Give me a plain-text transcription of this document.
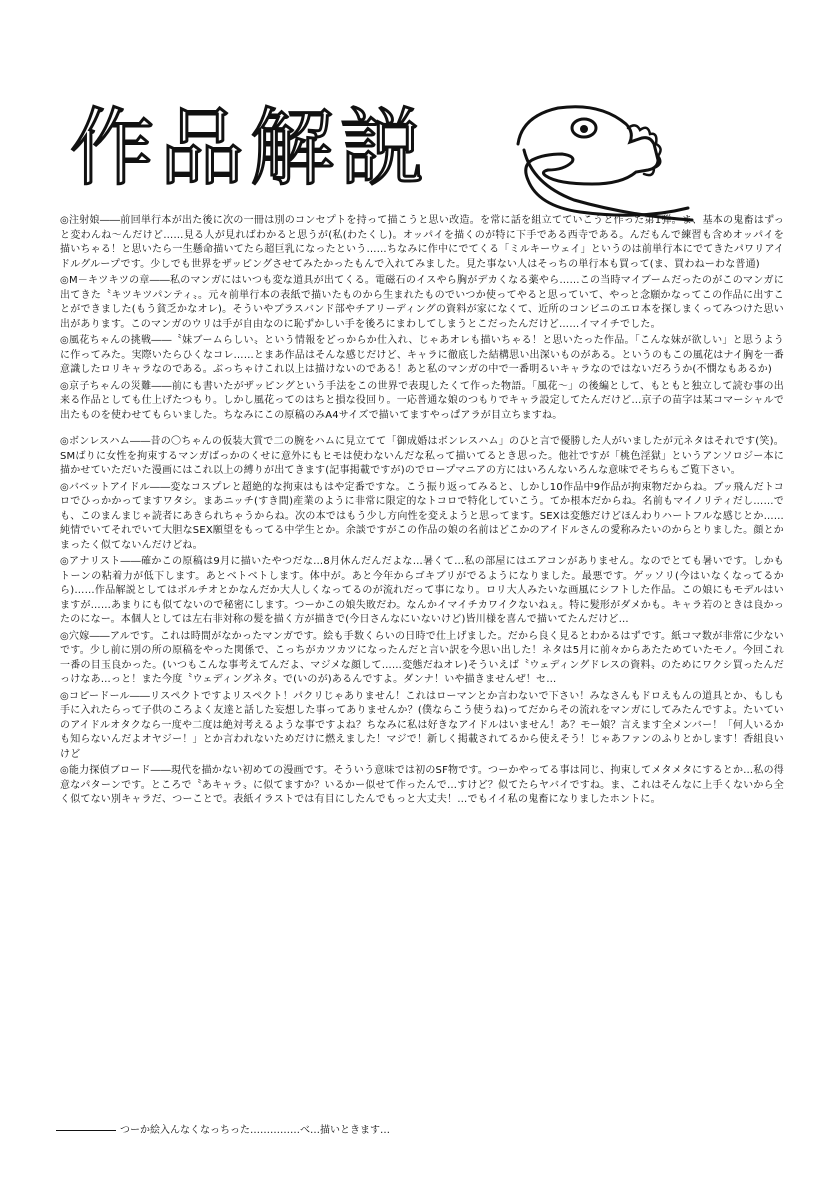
作品解説

◎注射娘――前回単行本が出た後に次の一冊は別のコンセプトを持って描こうと思い改造。を常に話を組立てていこうと作った第1弾。ま、基本の鬼畜はずっと変わんね～んだけど……見る人が見ればわかると思うが(私(わたくし)。オッパイを描くのが特に下手である西寺である。んだもんで練習も含めオッパイを描いちゃる！と思いたら一生懸命描いてたら超巨乳になったという……ちなみに作中にでてくる「ミルキーウェイ」というのは前単行本にでてきたパワリアイドルグループです。少しでも世界をザッピングさせてみたかったもんで入れてみました。見た事ない人はそっちの単行本も買って(ま、買わねーわな普通)

◎M－キツキツの章――私のマンガにはいつも変な道具が出てくる。電磁石のイスやら胸がデカくなる薬やら……この当時マイブームだったのがこのマンガに出てきた〝キツキツパンティ〟。元々前単行本の表紙で描いたものから生まれたものでいつか使ってやると思っていて、やっと念願かなってこの作品に出すことができました(もう貧乏かなオレ)。そういやブラスバンド部やチアリーディングの資料が家になくて、近所のコンビニのエロ本を探しまくってみつけた思い出があります。このマンガのウリは手が自由なのに恥ずかしい手を後ろにまわしてしまうとこだったんだけど……イマイチでした。

◎風花ちゃんの挑戦――〝妹ブームらしい〟という情報をどっからか仕入れ、じゃあオレも描いちゃる！と思いたった作品。「こんな妹が欲しい」と思うように作ってみた。実際いたらひくなコレ……とまあ作品はそんな感じだけど、キャラに徹底した結構思い出深いものがある。というのもこの風花はナイ胸を一番意識したロリキャラなのである。ぶっちゃけこれ以上は描けないのである！あと私のマンガの中で一番明るいキャラなのではないだろうか(不憫なもあるか)

◎京子ちゃんの災難――前にも書いたがザッピングという手法をこの世界で表現したくて作った物語。「風花～」の後編として、もともと独立して読む事の出来る作品としても仕上げたつもり。しかし風花ってのはちと損な役回り。一応普通な娘のつもりでキャラ設定してたんだけど…京子の苗字は某コマーシャルで出たものを使わせてもらいました。ちなみにこの原稿のみA4サイズで描いてますやっぱアラが目立ちますね。

◎ボンレスハム――昔の〇ちゃんの仮装大賞で二の腕をハムに見立てて「御成婚はボンレスハム」のひと言で優勝した人がいましたが元ネタはそれです(笑)。SMばりに女性を拘束するマンガばっかのくせに意外にもヒモは使わないんだな私って描いてるとき思った。他社ですが「桃色淫獄」というアンソロジー本に描かせていただいた漫画にはこれ以上の縛りが出てきます(記事掲載ですが)のでロープマニアの方にはいろんないろんな意味でそちらもご覧下さい。

◎バベットアイドル――変なコスプレと超絶的な拘束はもはや定番ですな。こう振り返ってみると、しかし10作品中9作品が拘束物だからね。ブッ飛んだトコロでひっかかってますワタシ。まあニッチ(すき間)産業のように非常に限定的なトコロで特化していこう。てか根本だからね。名前もマイノリティだし……でも、このまんまじゃ読者にあきられちゃうからね。次の本ではもう少し方向性を変えようと思ってます。SEXは変態だけどほんわりハートフルな感じとか……純情でいてそれでいて大胆なSEX願望をもってる中学生とか。余談ですがこの作品の娘の名前はどこかのアイドルさんの愛称みたいのからとりました。顔とかまったく似てないんだけどね。

◎アナリスト――確かこの原稿は9月に描いたやつだな…8月休んだんだよな…暑くて…私の部屋にはエアコンがありません。なのでとても暑いです。しかもトーンの粘着力が低下します。あとベトベトします。体中が。あと今年からゴキブリがでるようになりました。最悪です。ゲッソリ(今はいなくなってるから)……作品解説としてはボルチオとかなんだか大人しくなってるのが流れだって事になり。ロリ大人みたいな画風にシフトした作品。この娘にもモデルはいますが……あまりにも似てないので秘密にします。つーかこの娘失敗だわ。なんかイマイチカワイクないねぇ。特に髪形がダメかも。キャラ若のときは良かったのになー。本個人としては左右非対称の髪を描く方が描きで(今日さんなにいないけど)皆川様を喜んで描いてたんだけど…

◎穴嫁――アルです。これは時間がなかったマンガです。絵も手数くらいの日時で仕上げました。だから良く見るとわかるはずです。紙コマ数が非常に少ないです。少し前に別の所の原稿をやった関係で、こっちがカツカツになったんだと言い訳を今思い出した！ネタは5月に前々からあたためていたモノ。今回これ一番の目玉良かった。(いつもこんな事考えてんだよ、マジメな顔して……変態だねオレ)そういえば〝ウェディングドレスの資料〟のためにワクシ買ったんだっけなあ…っと！また今度〝ウェディングネタ〟で(いのが)あるんですよ。ダンナ！いや描きませんぜ！セ…

◎コピードール――リスペクトですよリスペクト！パクリじゃありません！これはローマンとか言わないで下さい！みなさんもドロえもんの道具とか、もしも手に入れたらって子供のころよく友達と話した妄想した事ってありませんか？(僕ならこう使うね)ってだからその流れをマンガにしてみたんですよ。たいていのアイドルオタクなら一度や二度は絶対考えるような事ですよね？ちなみに私は好きなアイドルはいません！あ？モー娘？言えます全メンバー！「何人いるかも知らないんだよオヤジー！」とか言われないためだけに燃えました！マジで！新しく掲載されてるから使えそう！じゃあファンのふりとかします！香組良いけど

◎能力探偵ブロード――現代を描かない初めての漫画です。そういう意味では初のSF物です。つーかやってる事は同じ、拘束してメタメタにするとか…私の得意なパターンです。ところで〝あキャラ〟に似てますか？いるかー似せて作ったんで…すけど？似てたらヤバイですね。ま、これはそんなに上手くないから全く似てない別キャラだ、つーことで。表紙イラストでは有目にしたんでもっと大丈夫！…でもイイ私の鬼畜になりましたホントに。

つーか絵入んなくなっちった……………べ…描いときます…
